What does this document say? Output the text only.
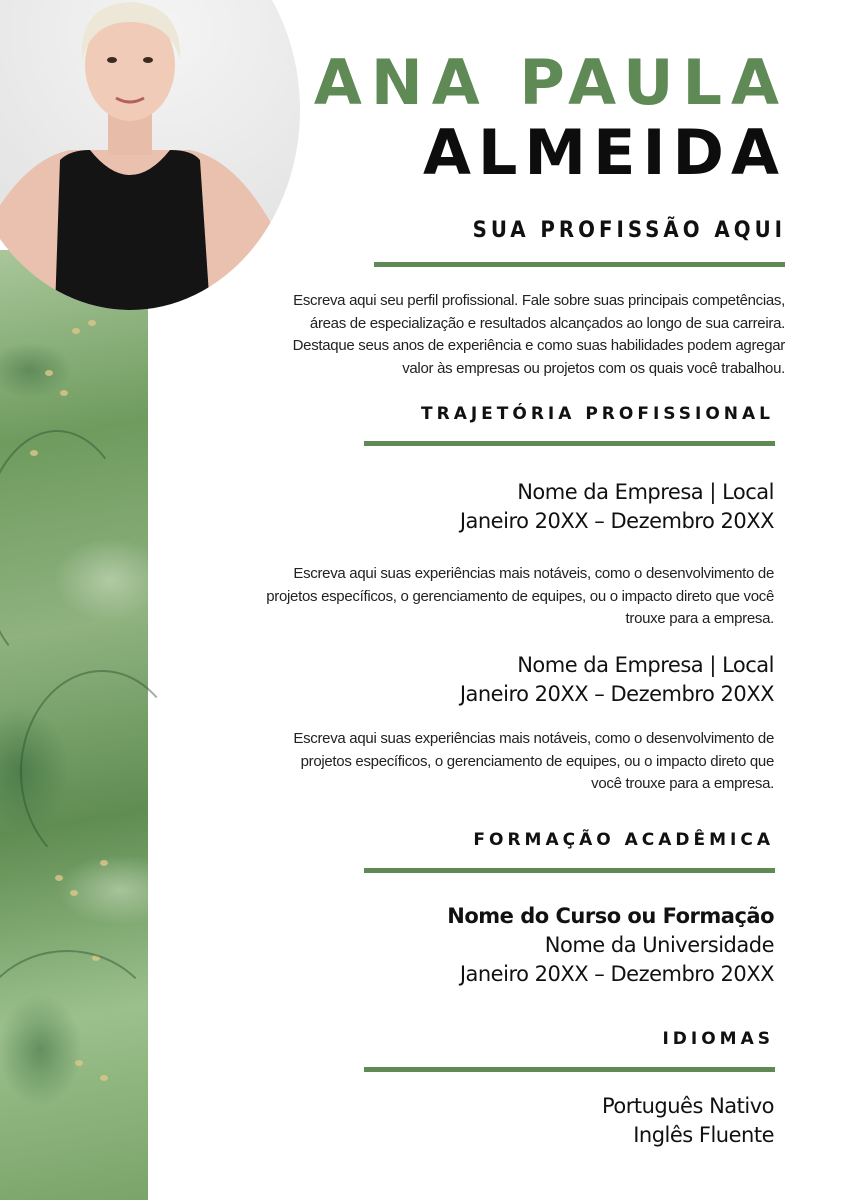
ANA PAULA
ALMEIDA
SUA PROFISSÃO AQUI
Escreva aqui seu perfil profissional. Fale sobre suas principais competências,
áreas de especialização e resultados alcançados ao longo de sua carreira.
Destaque seus anos de experiência e como suas habilidades podem agregar
valor às empresas ou projetos com os quais você trabalhou.
TRAJETÓRIA PROFISSIONAL
Nome da Empresa | Local
Janeiro 20XX – Dezembro 20XX
Escreva aqui suas experiências mais notáveis, como o desenvolvimento de
projetos específicos, o gerenciamento de equipes, ou o impacto direto que você
trouxe para a empresa.
Nome da Empresa | Local
Janeiro 20XX – Dezembro 20XX
Escreva aqui suas experiências mais notáveis, como o desenvolvimento de
projetos específicos, o gerenciamento de equipes, ou o impacto direto que
você trouxe para a empresa.
FORMAÇÃO ACADÊMICA
Nome do Curso ou Formação
Nome da Universidade
Janeiro 20XX – Dezembro 20XX
IDIOMAS
Português Nativo
Inglês Fluente
